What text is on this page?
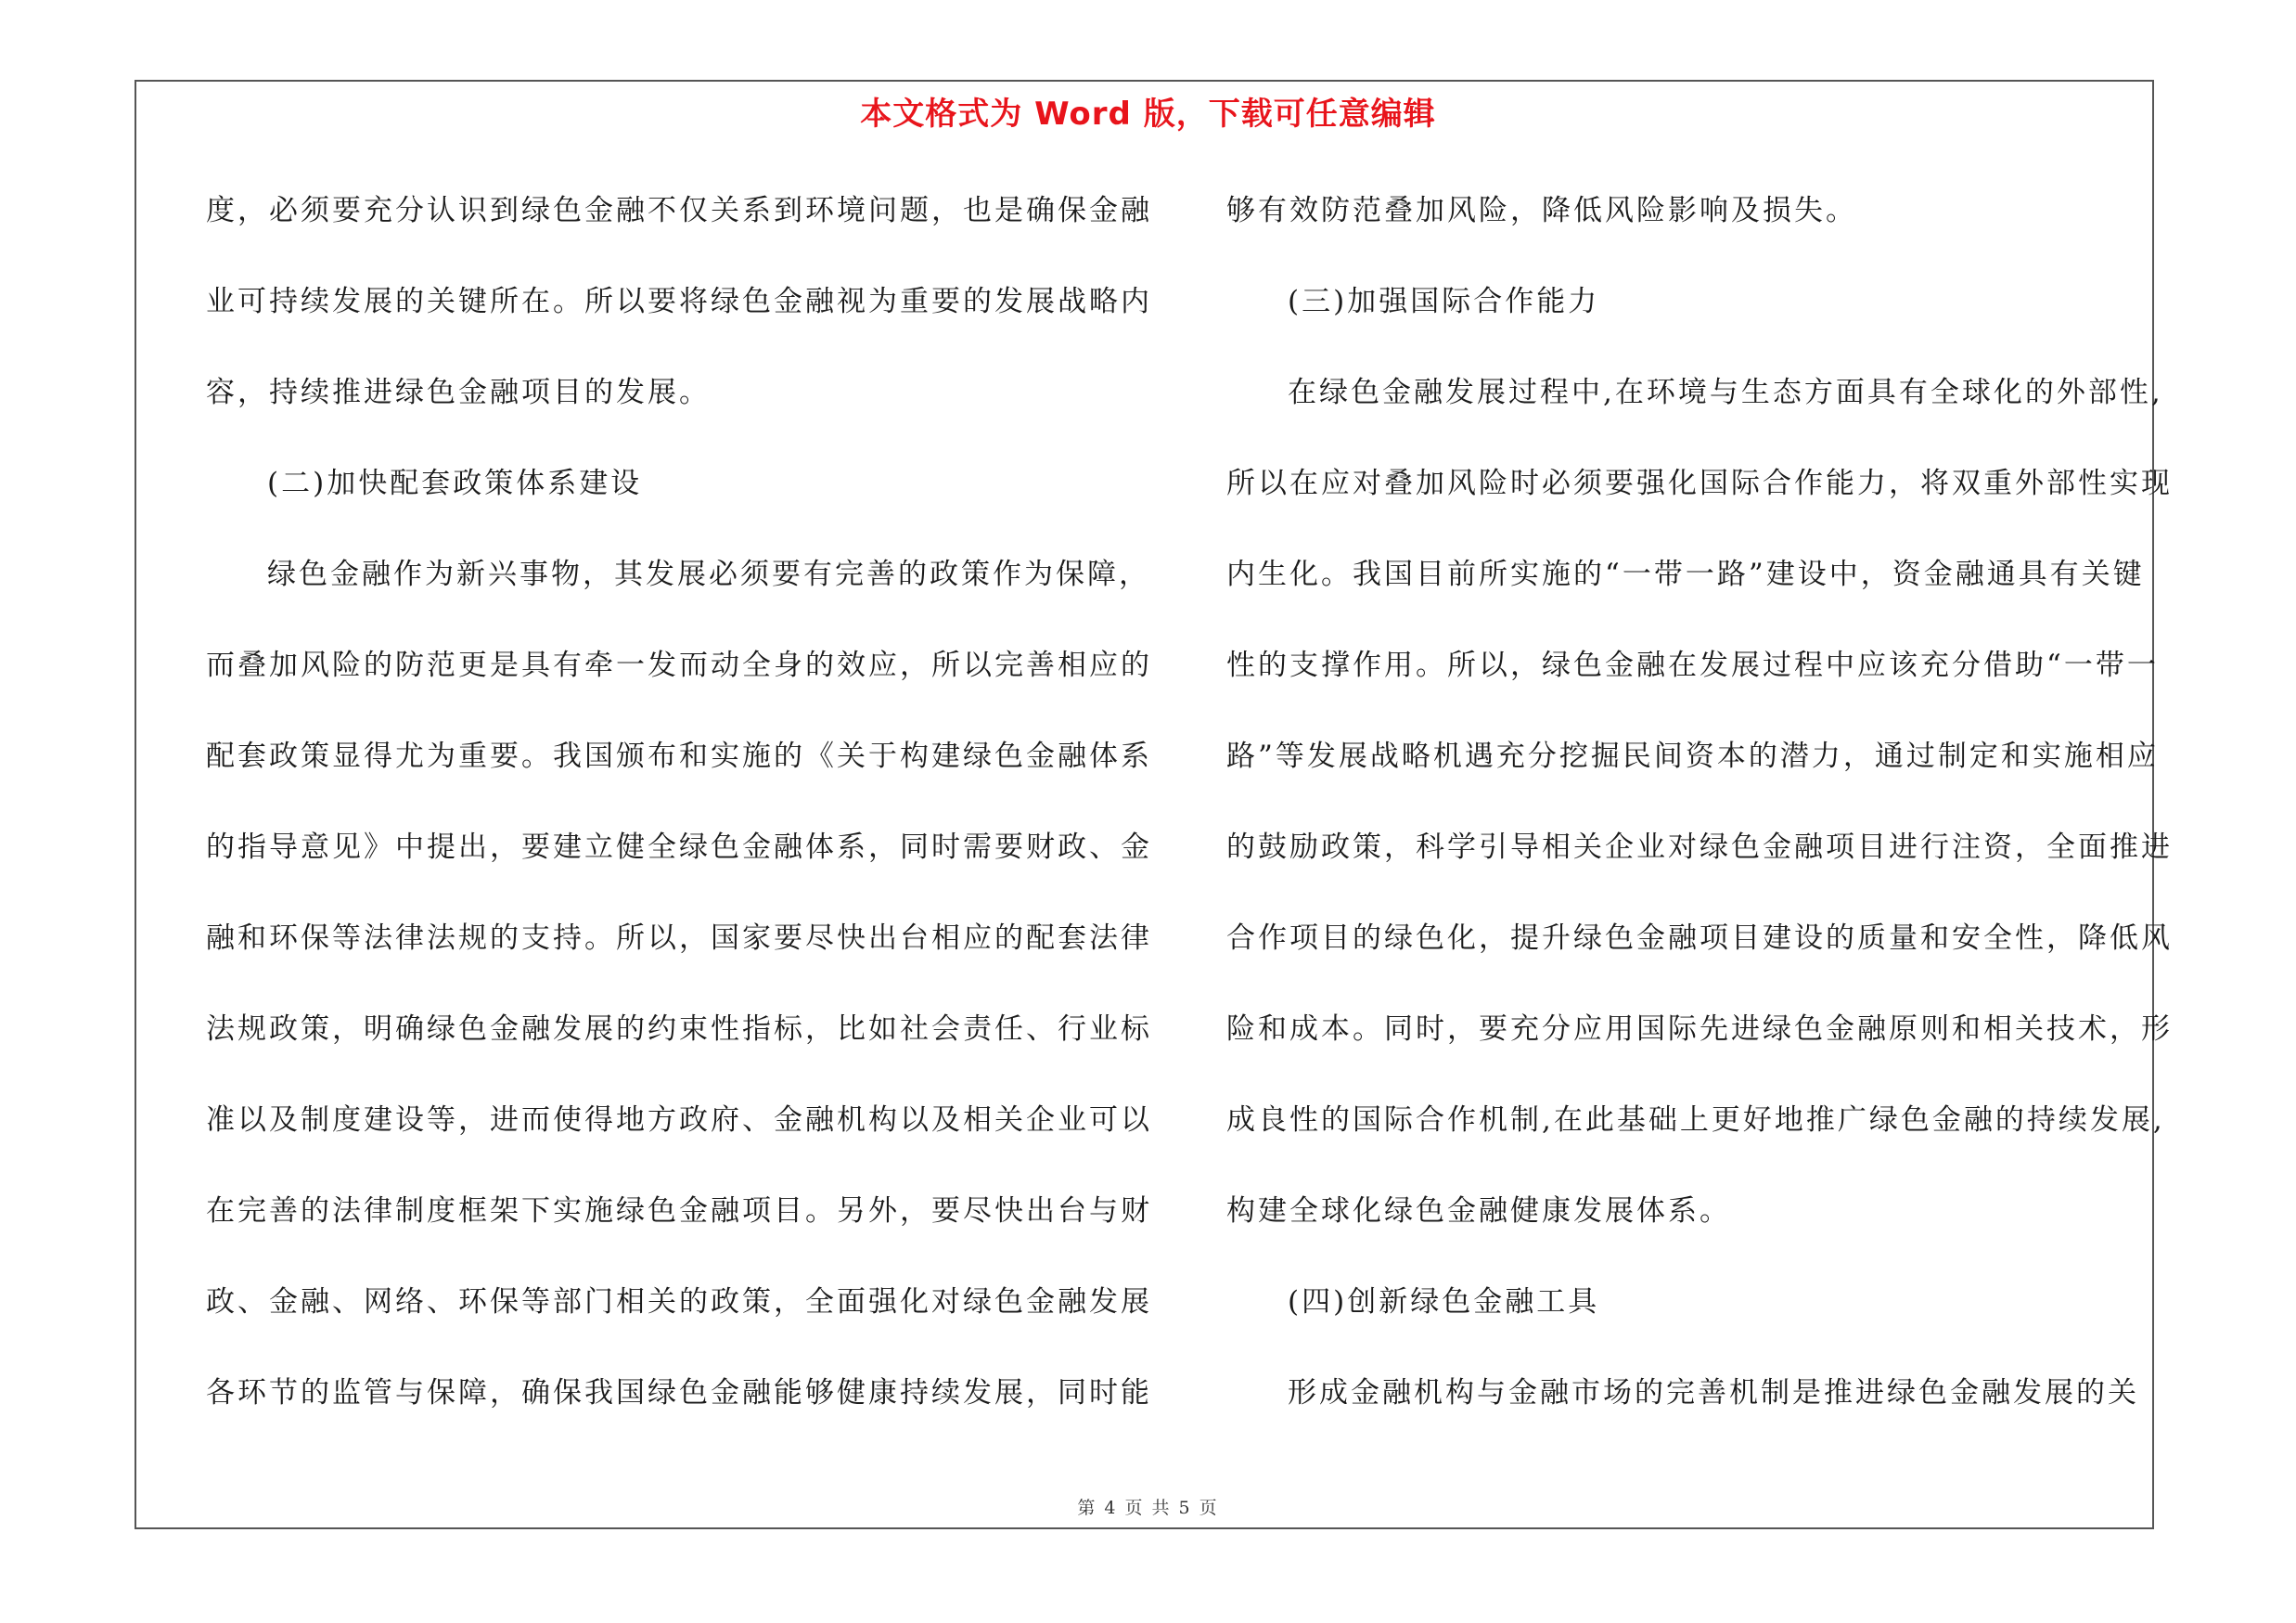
本文格式为 Word 版，下载可任意编辑
度，必须要充分认识到绿色金融不仅关系到环境问题，也是确保金融
业可持续发展的关键所在。所以要将绿色金融视为重要的发展战略内
容，持续推进绿色金融项目的发展。
(二)加快配套政策体系建设
绿色金融作为新兴事物，其发展必须要有完善的政策作为保障，
而叠加风险的防范更是具有牵一发而动全身的效应，所以完善相应的
配套政策显得尤为重要。我国颁布和实施的《关于构建绿色金融体系
的指导意见》中提出，要建立健全绿色金融体系，同时需要财政、金
融和环保等法律法规的支持。所以，国家要尽快出台相应的配套法律
法规政策，明确绿色金融发展的约束性指标，比如社会责任、行业标
准以及制度建设等，进而使得地方政府、金融机构以及相关企业可以
在完善的法律制度框架下实施绿色金融项目。另外，要尽快出台与财
政、金融、网络、环保等部门相关的政策，全面强化对绿色金融发展
各环节的监管与保障，确保我国绿色金融能够健康持续发展，同时能
够有效防范叠加风险，降低风险影响及损失。
(三)加强国际合作能力
在绿色金融发展过程中,在环境与生态方面具有全球化的外部性,
所以在应对叠加风险时必须要强化国际合作能力，将双重外部性实现
内生化。我国目前所实施的“一带一路”建设中，资金融通具有关键
性的支撑作用。所以，绿色金融在发展过程中应该充分借助“一带一
路”等发展战略机遇充分挖掘民间资本的潜力，通过制定和实施相应
的鼓励政策，科学引导相关企业对绿色金融项目进行注资，全面推进
合作项目的绿色化，提升绿色金融项目建设的质量和安全性，降低风
险和成本。同时，要充分应用国际先进绿色金融原则和相关技术，形
成良性的国际合作机制,在此基础上更好地推广绿色金融的持续发展,
构建全球化绿色金融健康发展体系。
(四)创新绿色金融工具
形成金融机构与金融市场的完善机制是推进绿色金融发展的关
第 4 页 共 5 页
